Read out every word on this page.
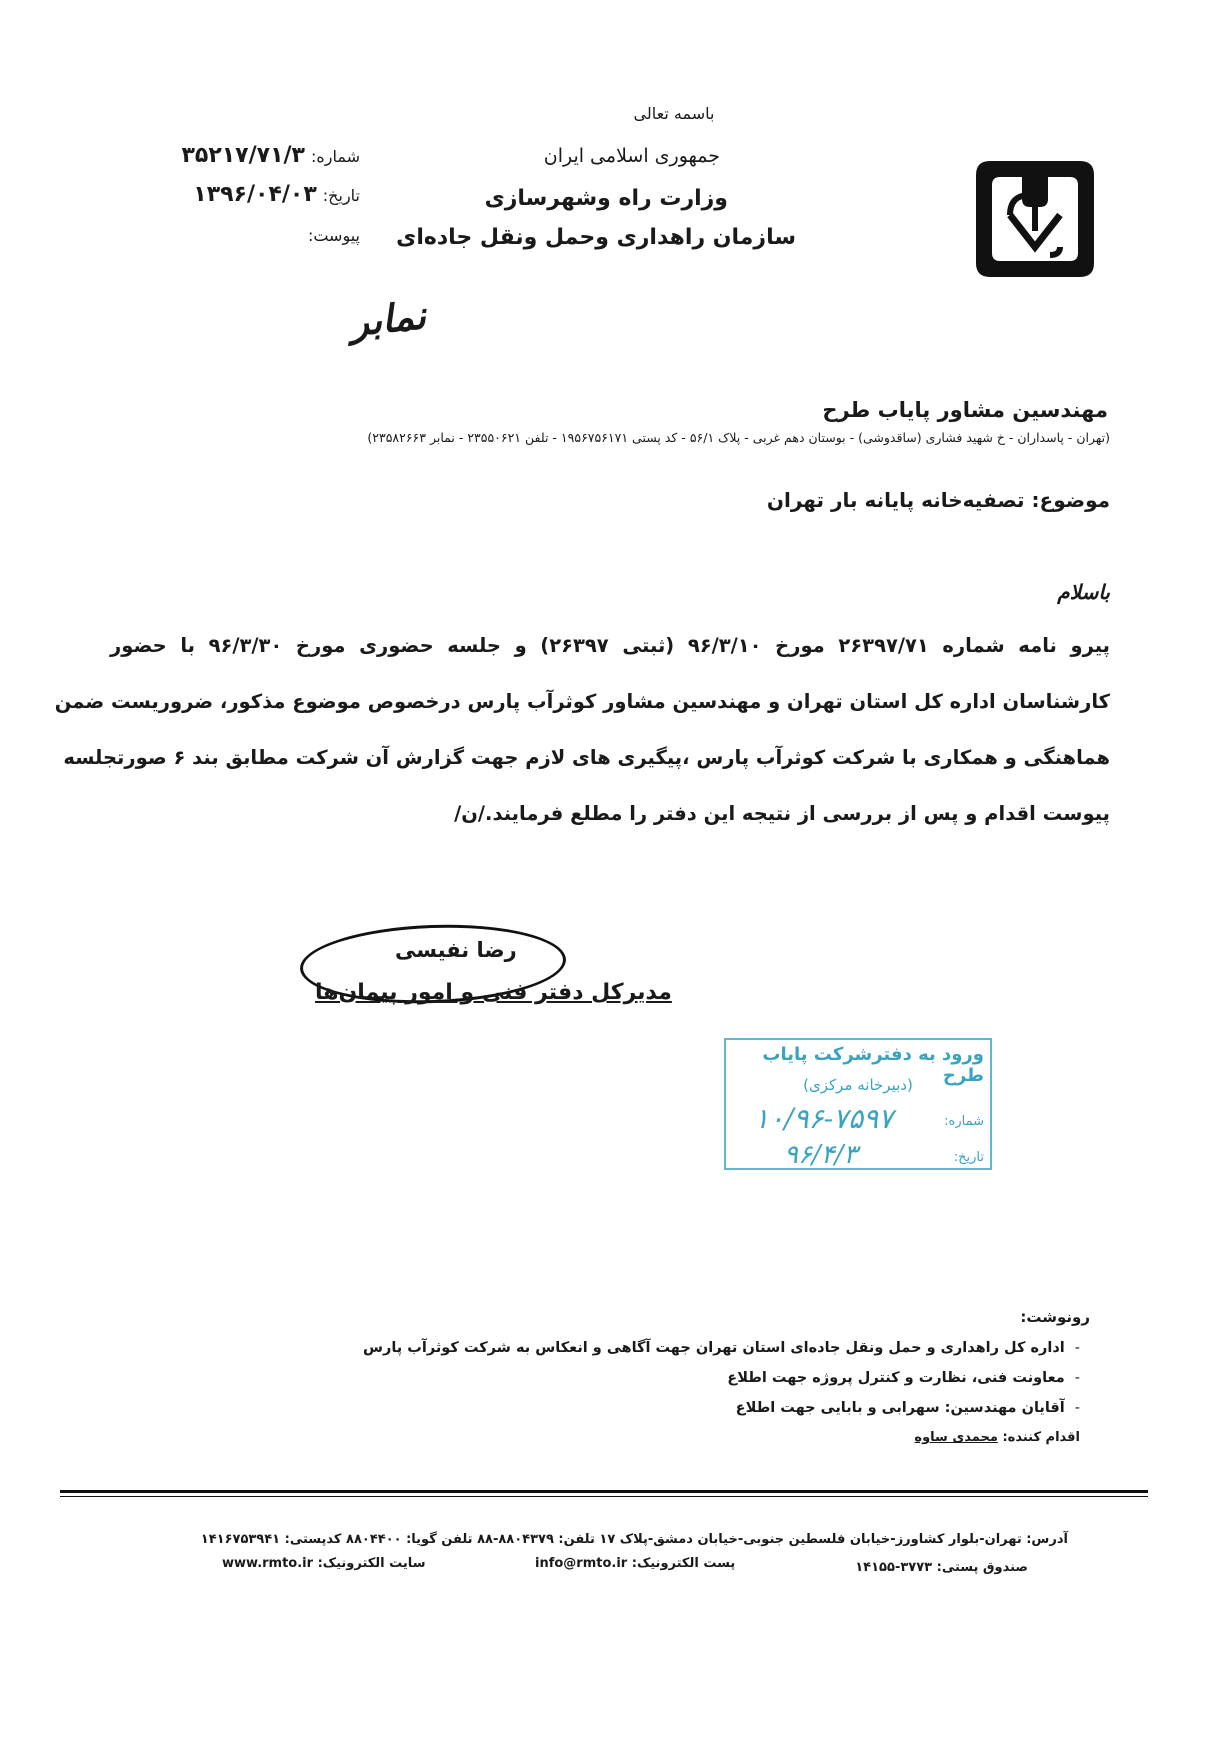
باسمه تعالی
جمهوری اسلامی ایران
وزارت راه وشهرسازی
سازمان راهداری وحمل ونقل جاده‌ای
شماره:
۳۵۲۱۷/۷۱/۳
تاریخ:
۱۳۹۶/۰۴/۰۳
پیوست:
نمابر
مهندسین مشاور پایاب طرح
(تهران - پاسداران - خ شهید فشاری (ساقدوشی) - بوستان دهم غربی - پلاک ۵۶/۱ - کد پستی ۱۹۵۶۷۵۶۱۷۱ - تلفن ۲۳۵۵۰۶۲۱ - نمابر ۲۳۵۸۲۶۶۳)
موضوع: تصفیه‌خانه پایانه بار تهران
باسلام
پیرو نامه شماره ۲۶۳۹۷/۷۱ مورخ ۹۶/۳/۱۰ (ثبتی ۲۶۳۹۷) و جلسه حضوری مورخ ۹۶/۳/۳۰ با حضور
کارشناسان اداره کل استان تهران و مهندسین مشاور کوثرآب پارس درخصوص موضوع مذکور، ضروریست ضمن
هماهنگی و همکاری با شرکت کوثرآب پارس ،پیگیری های لازم جهت گزارش آن شرکت مطابق بند ۶ صورتجلسه
پیوست اقدام و پس از بررسی از نتیجه این دفتر را مطلع فرمایند./ن/
رضا نفیسی
مدیرکل دفتر فنی و امور پیمان‌ها
ورود به دفترشرکت پایاب طرح
(دبیرخانه مرکزی)
شماره:
۱۰/۹۶-۷۵۹۷
تاریخ:
۹۶/۴/۳
رونوشت:
-اداره کل راهداری و حمل ونقل جاده‌ای استان تهران جهت آگاهی و انعکاس به شرکت کوثرآب پارس
-معاونت فنی، نظارت و کنترل پروژه جهت اطلاع
-آقایان مهندسین: سهرابی و بابایی جهت اطلاع
اقدام کننده: محمدی ساوه
آدرس: تهران-بلوار کشاورز-خیابان فلسطین جنوبی-خیابان دمشق-پلاک ۱۷ تلفن: ۸۸۰۴۳۷۹-۸۸ تلفن گویا: ۸۸۰۴۴۰۰ کدپستی: ۱۴۱۶۷۵۳۹۴۱
صندوق پستی: ۳۷۷۳-۱۴۱۵۵
پست الکترونیک: info@rmto.ir
سایت الکترونیک: www.rmto.ir
